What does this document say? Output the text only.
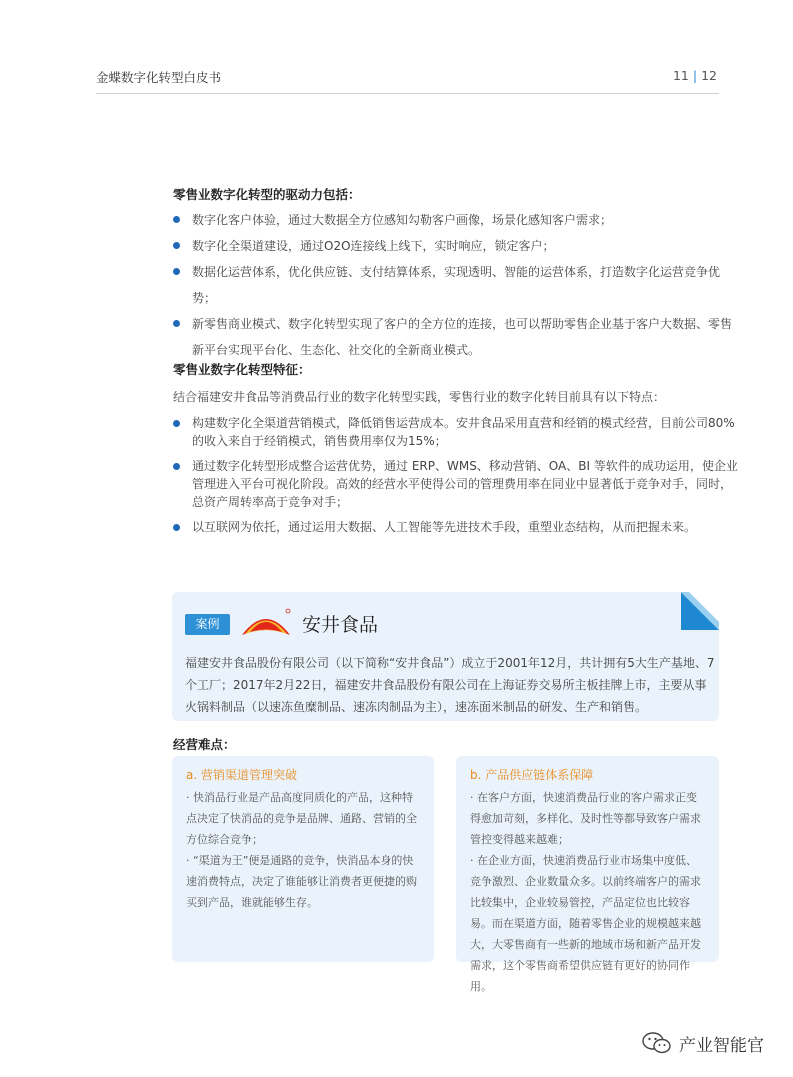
金蝶数字化转型白皮书	11 | 12
零售业数字化转型的驱动力包括：
数字化客户体验，通过大数据全方位感知勾勒客户画像，场景化感知客户需求；
数字化全渠道建设，通过O2O连接线上线下，实时响应，锁定客户；
数据化运营体系，优化供应链、支付结算体系，实现透明、智能的运营体系，打造数字化运营竞争优势；
新零售商业模式、数字化转型实现了客户的全方位的连接，也可以帮助零售企业基于客户大数据、零售新平台实现平台化、生态化、社交化的全新商业模式。
零售业数字化转型特征：
结合福建安井食品等消费品行业的数字化转型实践，零售行业的数字化转目前具有以下特点：
构建数字化全渠道营销模式，降低销售运营成本。安井食品采用直营和经销的模式经营，目前公司80%的收入来自于经销模式，销售费用率仅为15%；
通过数字化转型形成整合运营优势，通过 ERP、WMS、移动营销、OA、BI 等软件的成功运用，使企业管理进入平台可视化阶段。高效的经营水平使得公司的管理费用率在同业中显著低于竞争对手，同时，总资产周转率高于竞争对手；
以互联网为依托，通过运用大数据、人工智能等先进技术手段，重塑业态结构，从而把握未来。
案例	安井食品
福建安井食品股份有限公司（以下简称“安井食品”）成立于2001年12月，共计拥有5大生产基地、7个工厂；2017年2月22日，福建安井食品股份有限公司在上海证券交易所主板挂牌上市，主要从事火锅料制品（以速冻鱼糜制品、速冻肉制品为主），速冻面米制品的研发、生产和销售。
经营难点：
a. 营销渠道管理突破

· 快消品行业是产品高度同质化的产品，这种特点决定了快消品的竞争是品牌、通路、营销的全方位综合竞争；

· “渠道为王”便是通路的竞争，快消品本身的快速消费特点，决定了谁能够让消费者更便捷的购买到产品，谁就能够生存。

b. 产品供应链体系保障

· 在客户方面，快速消费品行业的客户需求正变得愈加苛刻，多样化、及时性等都导致客户需求管控变得越来越难；

· 在企业方面，快速消费品行业市场集中度低、竞争激烈、企业数量众多。以前终端客户的需求比较集中，企业较易管控，产品定位也比较容易。而在渠道方面，随着零售企业的规模越来越大，大零售商有一些新的地域市场和新产品开发需求，这个零售商希望供应链有更好的协同作用。

产业智能官
